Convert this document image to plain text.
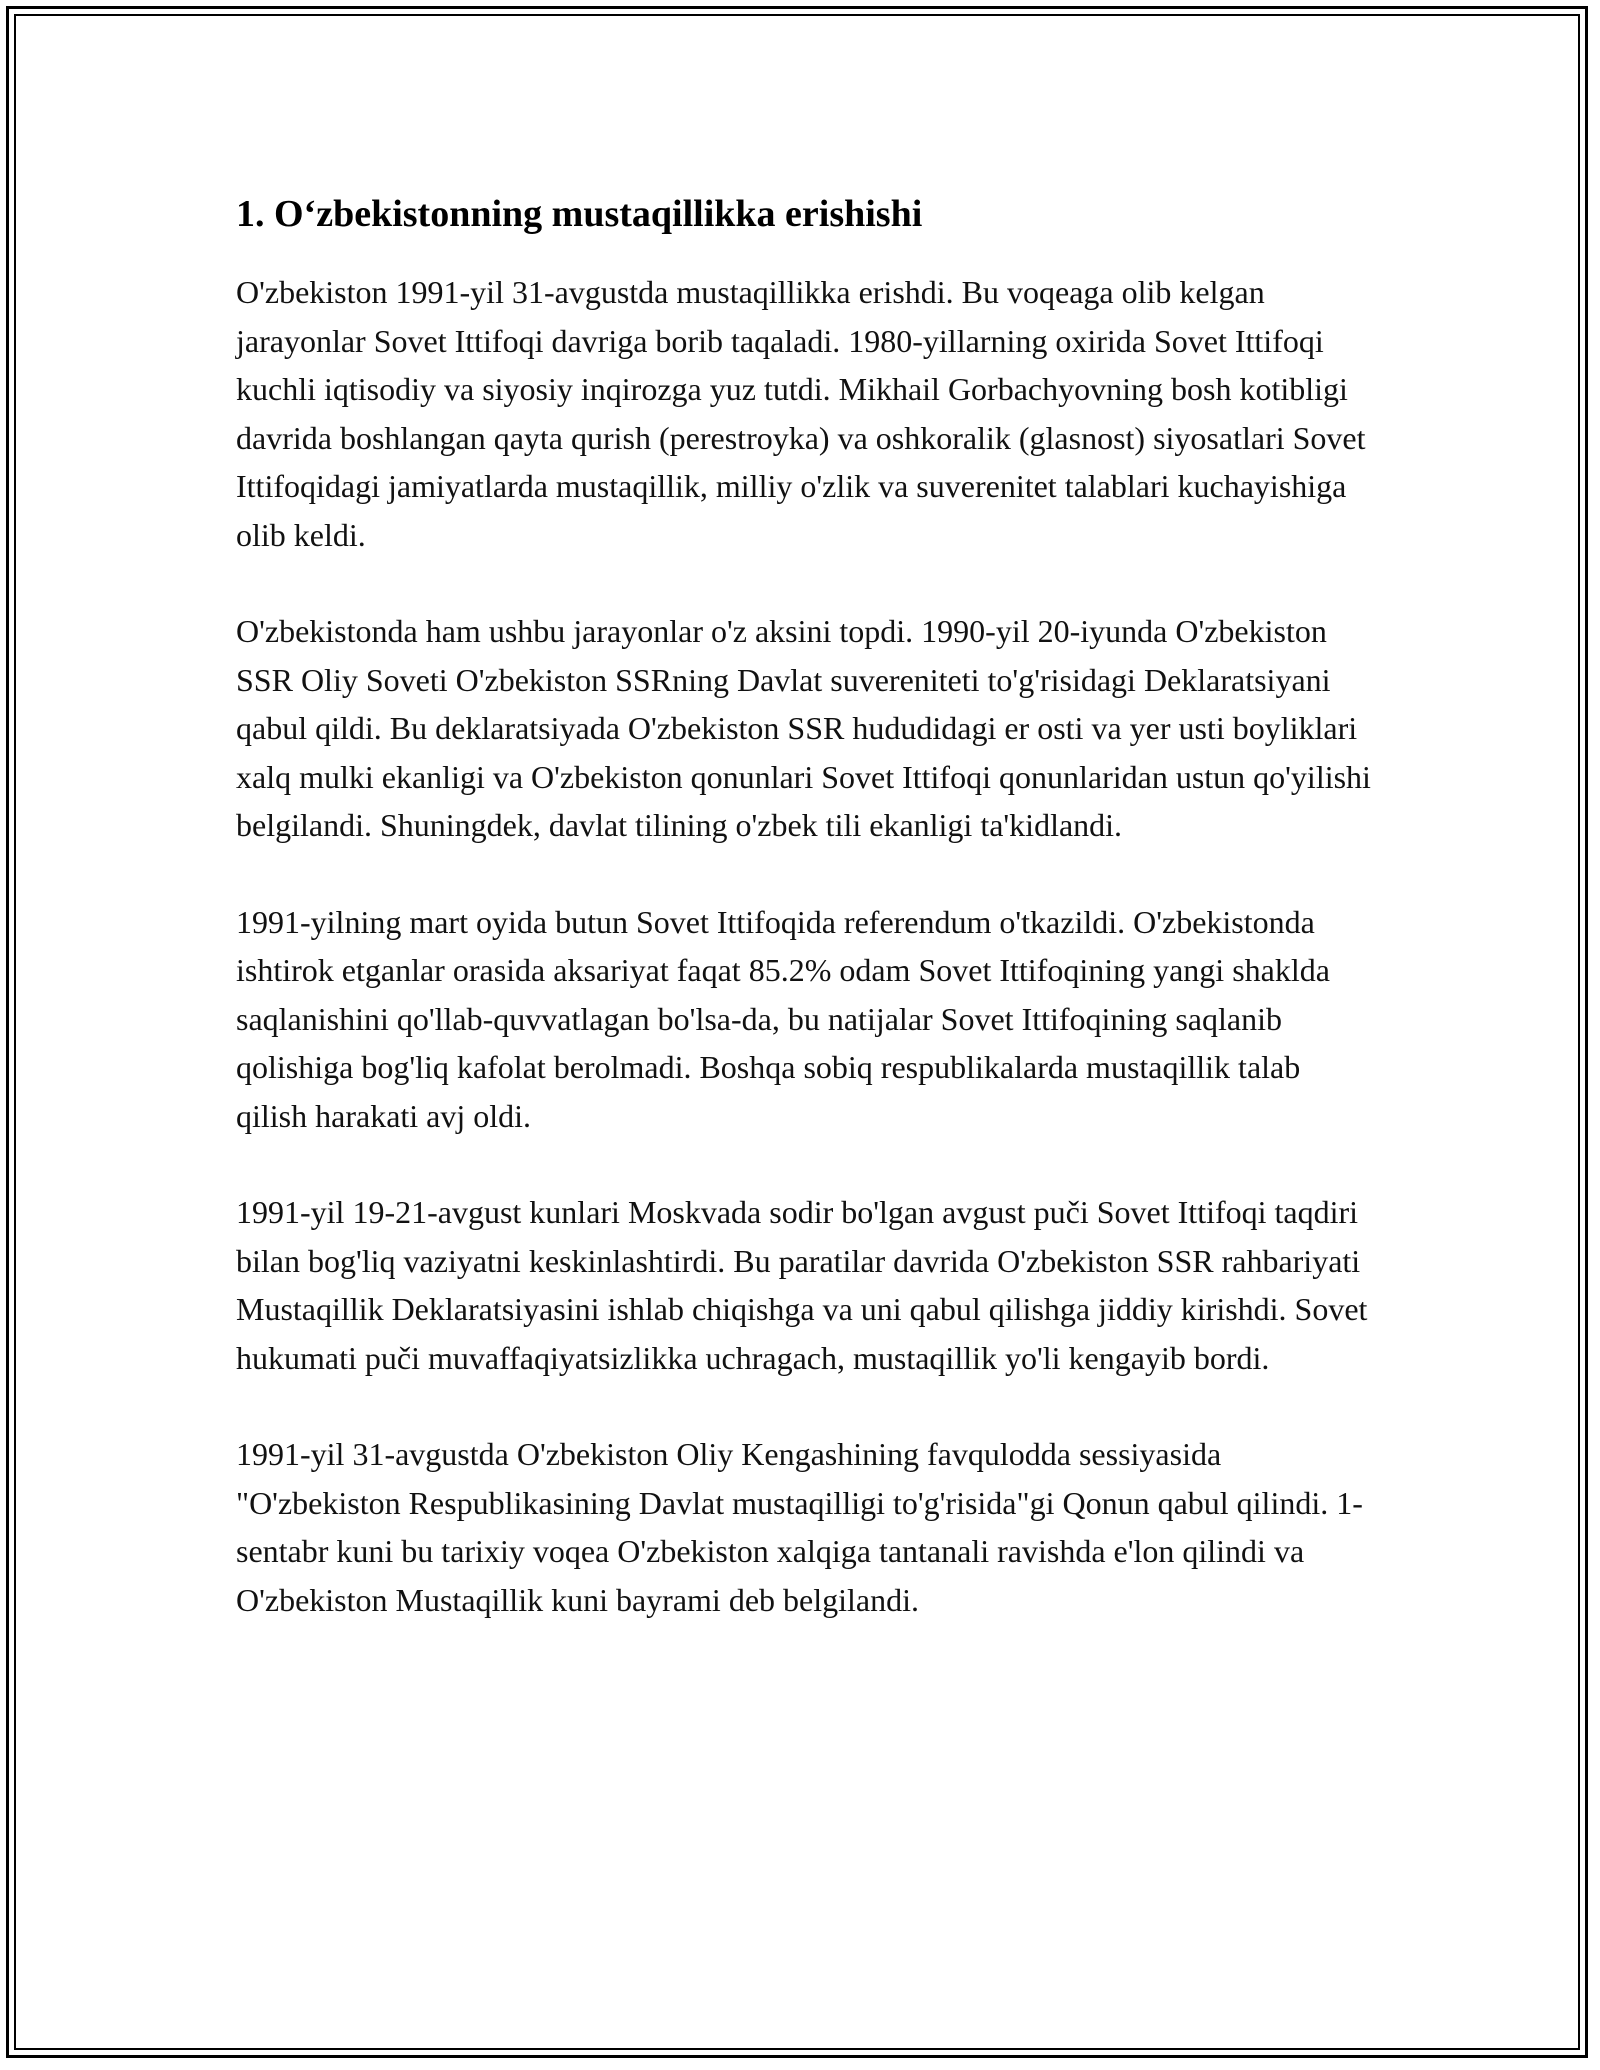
1. O‘zbekistonning mustaqillikka erishishi

O'zbekiston 1991-yil 31-avgustda mustaqillikka erishdi. Bu voqeaga olib kelgan jarayonlar Sovet Ittifoqi davriga borib taqaladi. 1980-yillarning oxirida Sovet Ittifoqi kuchli iqtisodiy va siyosiy inqirozga yuz tutdi. Mikhail Gorbachyovning bosh kotibligi davrida boshlangan qayta qurish (perestroyka) va oshkoralik (glasnost) siyosatlari Sovet Ittifoqidagi jamiyatlarda mustaqillik, milliy o'zlik va suverenitet talablari kuchayishiga olib keldi.

O'zbekistonda ham ushbu jarayonlar o'z aksini topdi. 1990-yil 20-iyunda O'zbekiston SSR Oliy Soveti O'zbekiston SSRning Davlat suvereniteti to'g'risidagi Deklaratsiyani qabul qildi. Bu deklaratsiyada O'zbekiston SSR hududidagi er osti va yer usti boyliklari xalq mulki ekanligi va O'zbekiston qonunlari Sovet Ittifoqi qonunlaridan ustun qo'yilishi belgilandi. Shuningdek, davlat tilining o'zbek tili ekanligi ta'kidlandi.

1991-yilning mart oyida butun Sovet Ittifoqida referendum o'tkazildi. O'zbekistonda ishtirok etganlar orasida aksariyat faqat 85.2% odam Sovet Ittifoqining yangi shaklda saqlanishini qo'llab-quvvatlagan bo'lsa-da, bu natijalar Sovet Ittifoqining saqlanib qolishiga bog'liq kafolat berolmadi. Boshqa sobiq respublikalarda mustaqillik talab qilish harakati avj oldi.

1991-yil 19-21-avgust kunlari Moskvada sodir bo'lgan avgust puči Sovet Ittifoqi taqdiri bilan bog'liq vaziyatni keskinlashtirdi. Bu paratilar davrida O'zbekiston SSR rahbariyati Mustaqillik Deklaratsiyasini ishlab chiqishga va uni qabul qilishga jiddiy kirishdi. Sovet hukumati puči muvaffaqiyatsizlikka uchragach, mustaqillik yo'li kengayib bordi.

1991-yil 31-avgustda O'zbekiston Oliy Kengashining favqulodda sessiyasida "O'zbekiston Respublikasining Davlat mustaqilligi to'g'risida"gi Qonun qabul qilindi. 1-sentabr kuni bu tarixiy voqea O'zbekiston xalqiga tantanali ravishda e'lon qilindi va O'zbekiston Mustaqillik kuni bayrami deb belgilandi.
